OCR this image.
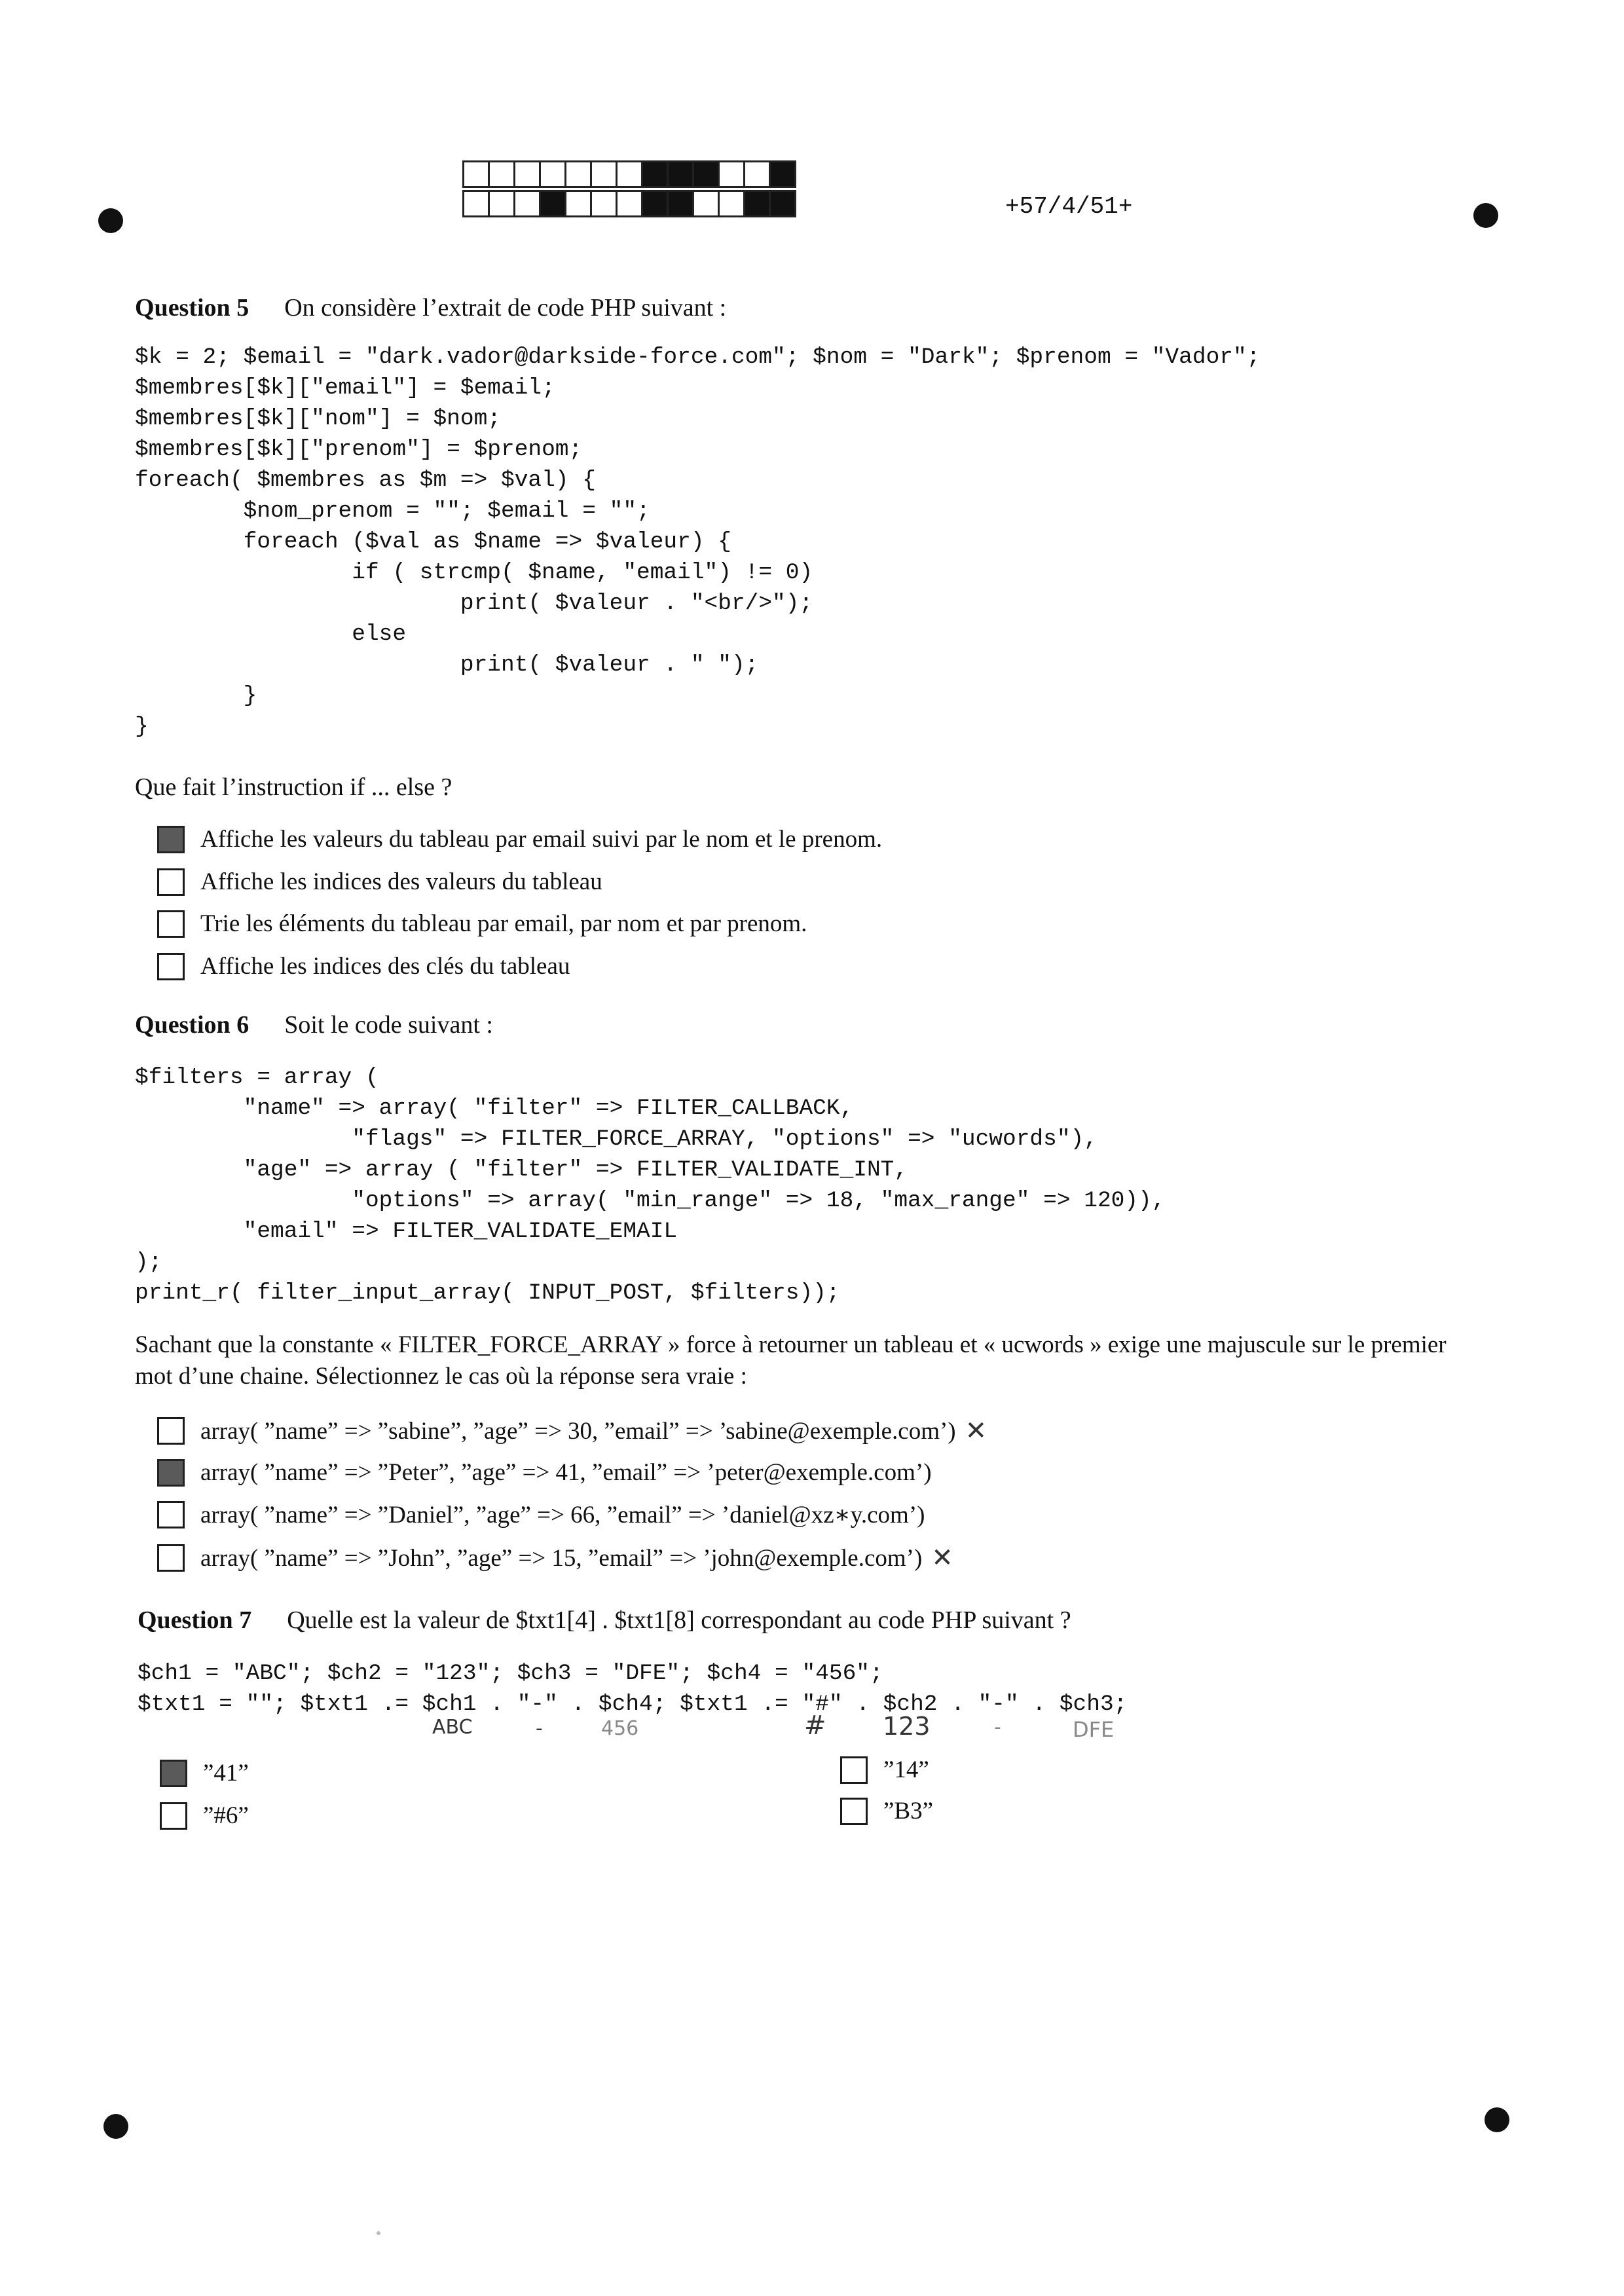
+57/4/51+
Question 5 On considère l’extrait de code PHP suivant :
$k = 2; $email = "dark.vador@darkside-force.com"; $nom = "Dark"; $prenom = "Vador";
$membres[$k]["email"] = $email;
$membres[$k]["nom"] = $nom;
$membres[$k]["prenom"] = $prenom;
foreach( $membres as $m => $val) {
$nom_prenom = ""; $email = "";
foreach ($val as $name => $valeur) {
if ( strcmp( $name, "email") != 0)
print( $valeur . "<br/>");
else
print( $valeur . " ");
}
}
Que fait l’instruction if ... else ?
Affiche les valeurs du tableau par email suivi par le nom et le prenom.
Affiche les indices des valeurs du tableau
Trie les éléments du tableau par email, par nom et par prenom.
Affiche les indices des clés du tableau
Question 6 Soit le code suivant :
$filters = array (
"name" => array( "filter" => FILTER_CALLBACK,
"flags" => FILTER_FORCE_ARRAY, "options" => "ucwords"),
"age" => array ( "filter" => FILTER_VALIDATE_INT,
"options" => array( "min_range" => 18, "max_range" => 120)),
"email" => FILTER_VALIDATE_EMAIL
);
print_r( filter_input_array( INPUT_POST, $filters));
Sachant que la constante « FILTER_FORCE_ARRAY » force à retourner un tableau et « ucwords » exige une majuscule sur le premier mot d’une chaine. Sélectionnez le cas où la réponse sera vraie :
array( ”name” => ”sabine”, ”age” => 30, ”email” => ’sabine@exemple.com’) ✕
array( ”name” => ”Peter”, ”age” => 41, ”email” => ’peter@exemple.com’)
array( ”name” => ”Daniel”, ”age” => 66, ”email” => ’daniel@xz∗y.com’)
array( ”name” => ”John”, ”age” => 15, ”email” => ’john@exemple.com’) ✕
Question 7 Quelle est la valeur de $txt1[4] . $txt1[8] correspondant au code PHP suivant ?
$ch1 = "ABC"; $ch2 = "123"; $ch3 = "DFE"; $ch4 = "456";
$txt1 = ""; $txt1 .= $ch1 . "-" . $ch4; $txt1 .= "#" . $ch2 . "-" . $ch3;
ABC	-	456	# 123	-	DFE
”41”	”14”
”#6”	”B3”
